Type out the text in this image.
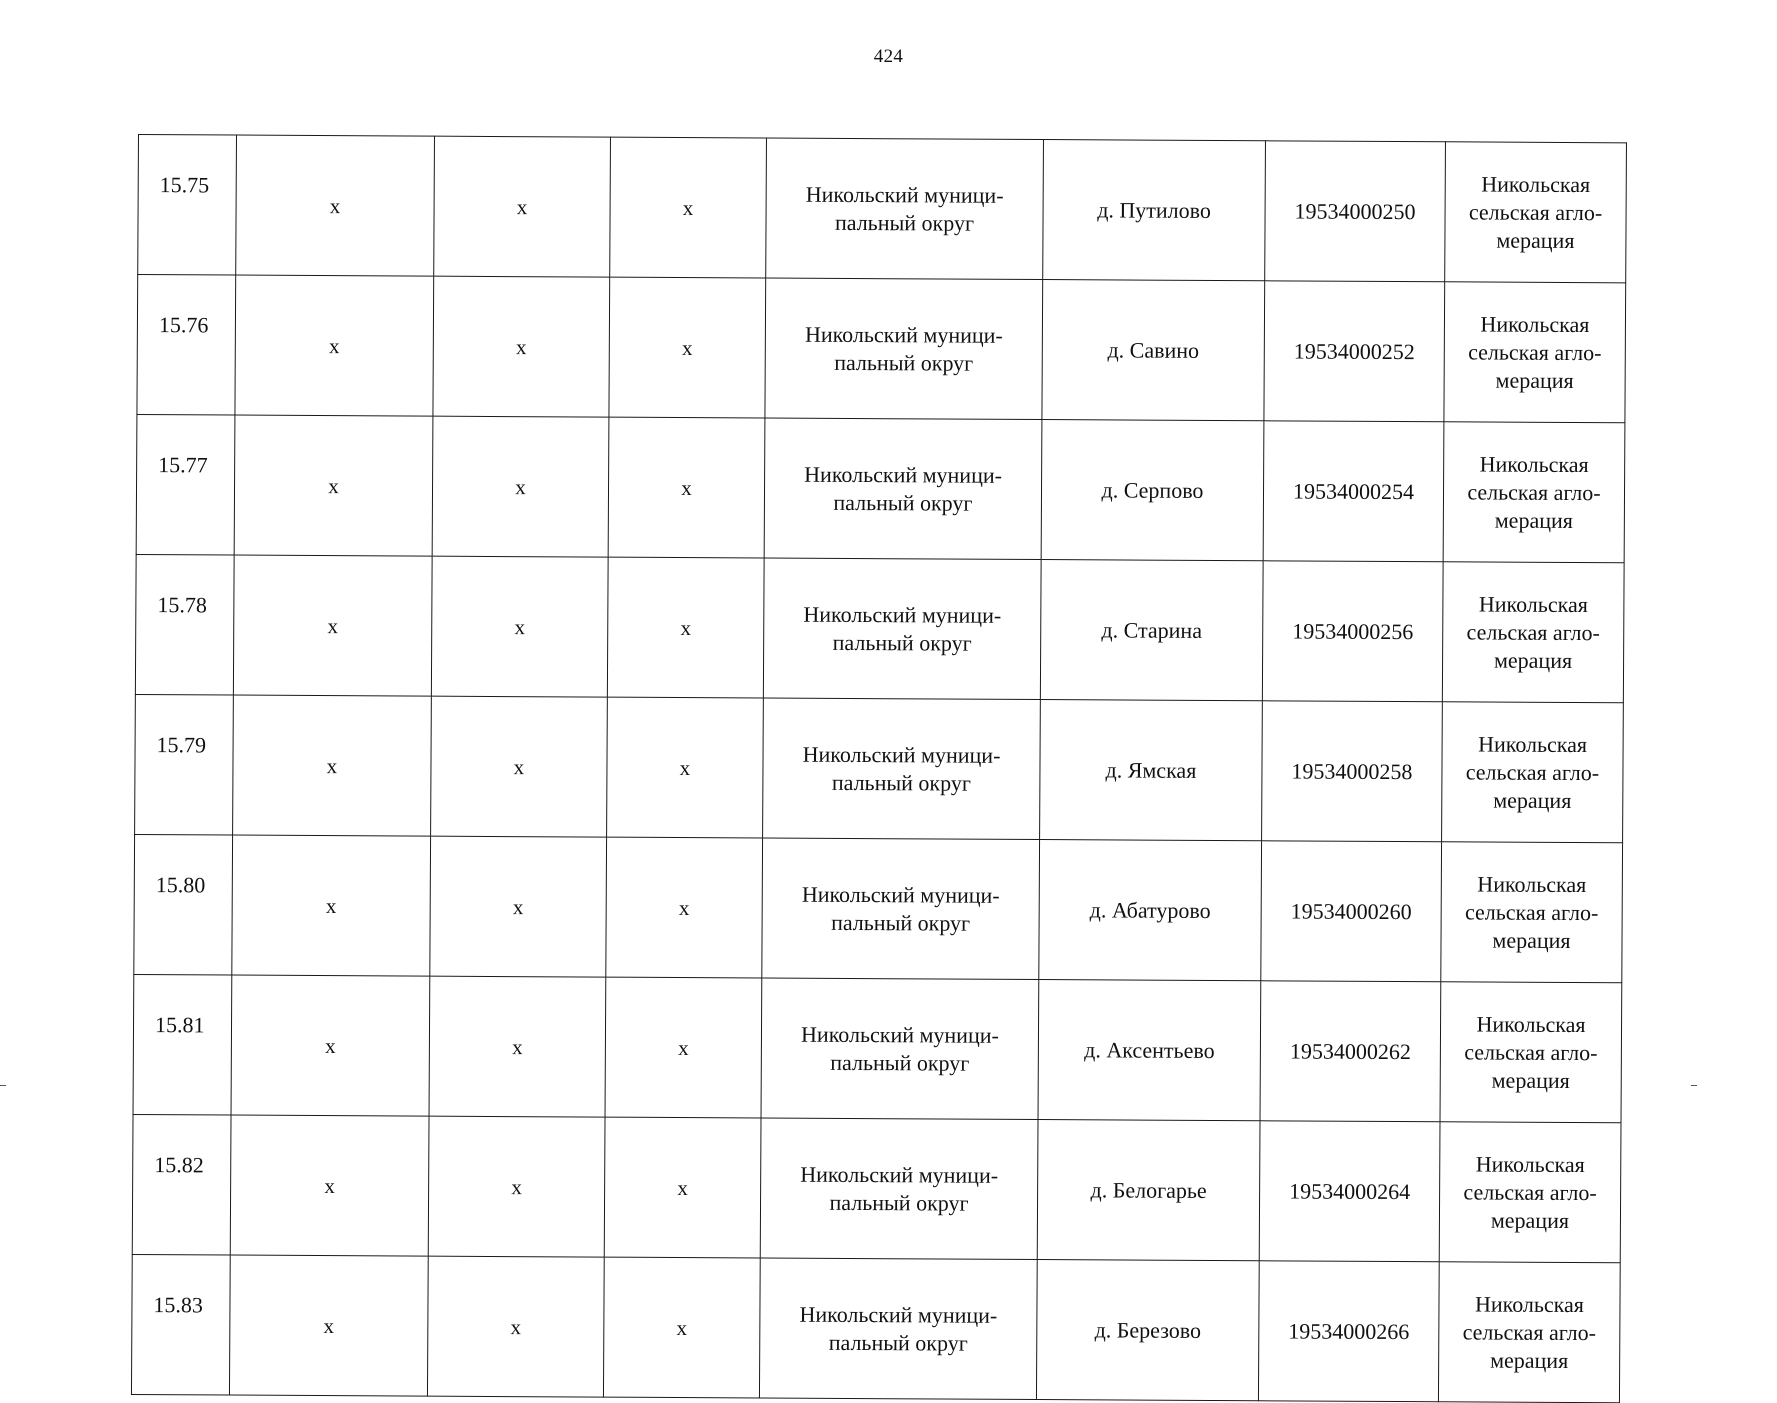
424
15.75	x	x	x	Никольский муници-пальный округ	д. Путилово	19534000250	Никольская сельская агло-мерация
15.76	x	x	x	Никольский муници-пальный округ	д. Савино	19534000252	Никольская сельская агло-мерация
15.77	x	x	x	Никольский муници-пальный округ	д. Серпово	19534000254	Никольская сельская агло-мерация
15.78	x	x	x	Никольский муници-пальный округ	д. Старина	19534000256	Никольская сельская агло-мерация
15.79	x	x	x	Никольский муници-пальный округ	д. Ямская	19534000258	Никольская сельская агло-мерация
15.80	x	x	x	Никольский муници-пальный округ	д. Абатурово	19534000260	Никольская сельская агло-мерация
15.81	x	x	x	Никольский муници-пальный округ	д. Аксентьево	19534000262	Никольская сельская агло-мерация
15.82	x	x	x	Никольский муници-пальный округ	д. Белогарье	19534000264	Никольская сельская агло-мерация
15.83	x	x	x	Никольский муници-пальный округ	д. Березово	19534000266	Никольская сельская агло-мерация
